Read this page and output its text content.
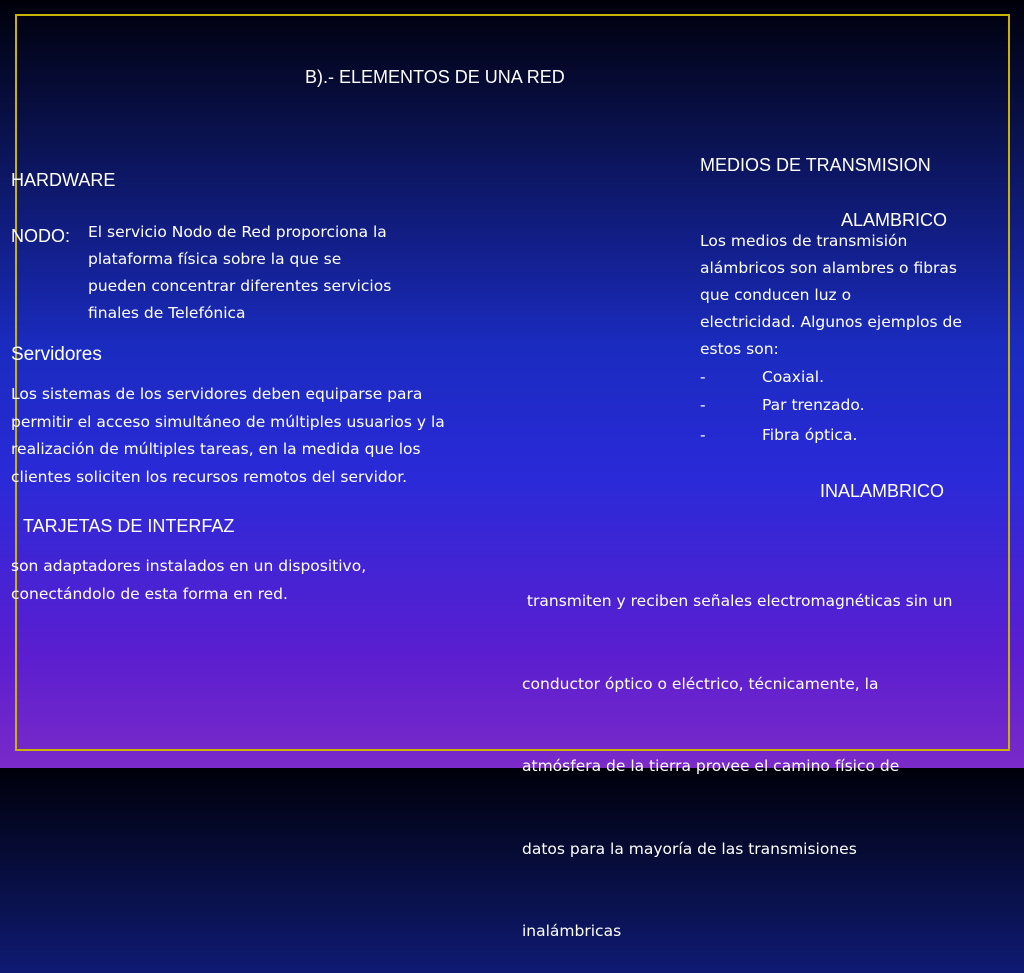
B).- ELEMENTOS DE UNA RED
HARDWARE
NODO: El servicio Nodo de Red proporciona la
plataforma física sobre la que se
pueden concentrar diferentes servicios
finales de Telefónica
Servidores
Los sistemas de los servidores deben equiparse para
permitir el acceso simultáneo de múltiples usuarios y la
realización de múltiples tareas, en la medida que los
clientes soliciten los recursos remotos del servidor.
TARJETAS DE INTERFAZ
son adaptadores instalados en un dispositivo,
conectándolo de esta forma en red.
MEDIOS DE TRANSMISION
ALAMBRICO
Los medios de transmisión
alámbricos son alambres o fibras
que conducen luz o
electricidad. Algunos ejemplos de
estos son:
-	Coaxial.
-	Par trenzado.
-	Fibra óptica.
INALAMBRICO

transmiten y reciben señales electromagnéticas sin un

conductor óptico o eléctrico, técnicamente, la

atmósfera de la tierra provee el camino físico de

datos para la mayoría de las transmisiones

inalámbricas
